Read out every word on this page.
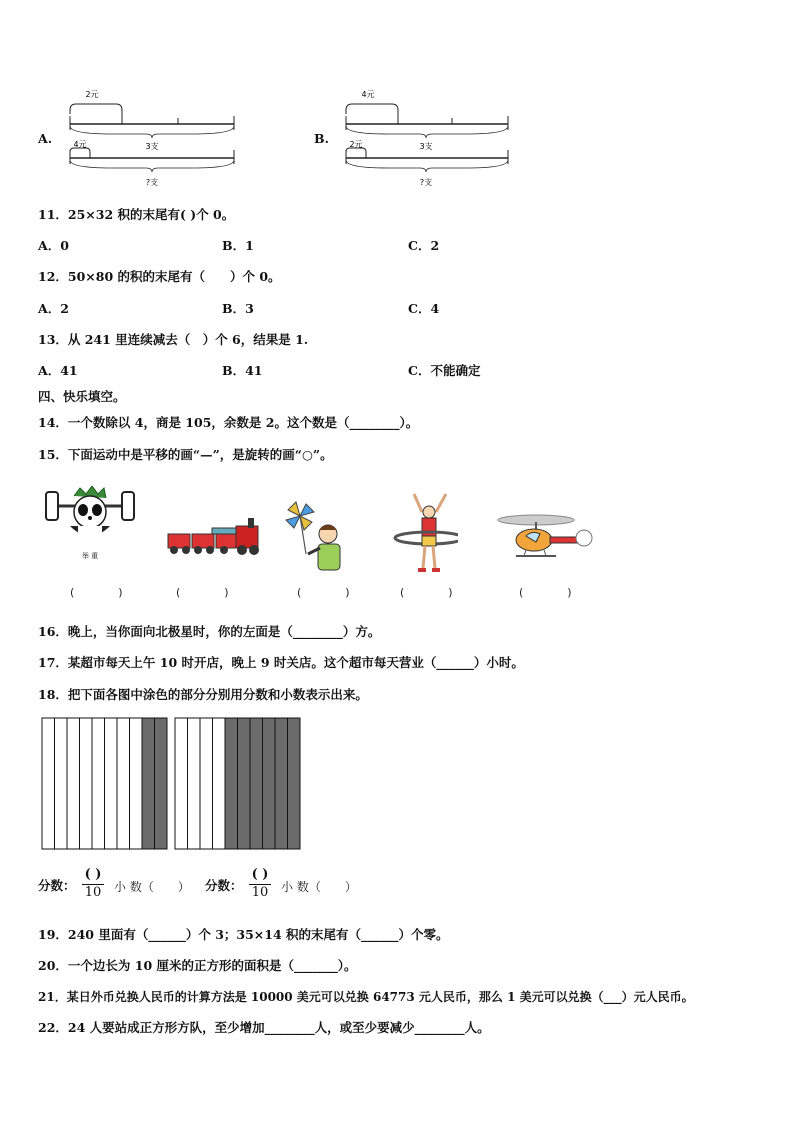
A.
2元
3支
4元
?支
B.
4元
3支
2元
?支
11．25×32 积的末尾有( )个 0。
A．0	B．1	C．2
12．50×80 的积的末尾有（　　）个 0。
A．2	B．3	C．4
13．从 241 里连续减去（　）个 6，结果是 1.
A．41	B．41	C．不能确定
四、快乐填空。
14．一个数除以 4，商是 105，余数是 2。这个数是（________）。
15．下面运动中是平移的画“—”，是旋转的画“○”。
举 重
(　　　　)	(　　　　)	(　　　　)	(　　　　)	(　　　　)
16．晚上，当你面向北极星时，你的左面是（________）方。
17．某超市每天上午 10 时开店，晚上 9 时关店。这个超市每天营业（______）小时。
18．把下面各图中涂色的部分分别用分数和小数表示出来。
分数：
( )
10	小 数（　　） 分数：
( )
10	小 数（　　）
19．240 里面有（______）个 3；35×14 积的末尾有（______）个零。
20．一个边长为 10 厘米的正方形的面积是（_______）。
21．某日外币兑换人民币的计算方法是 10000 美元可以兑换 64773 元人民币，那么 1 美元可以兑换（___）元人民币。
22．24 人要站成正方形方队，至少增加________人，或至少要减少________人。
